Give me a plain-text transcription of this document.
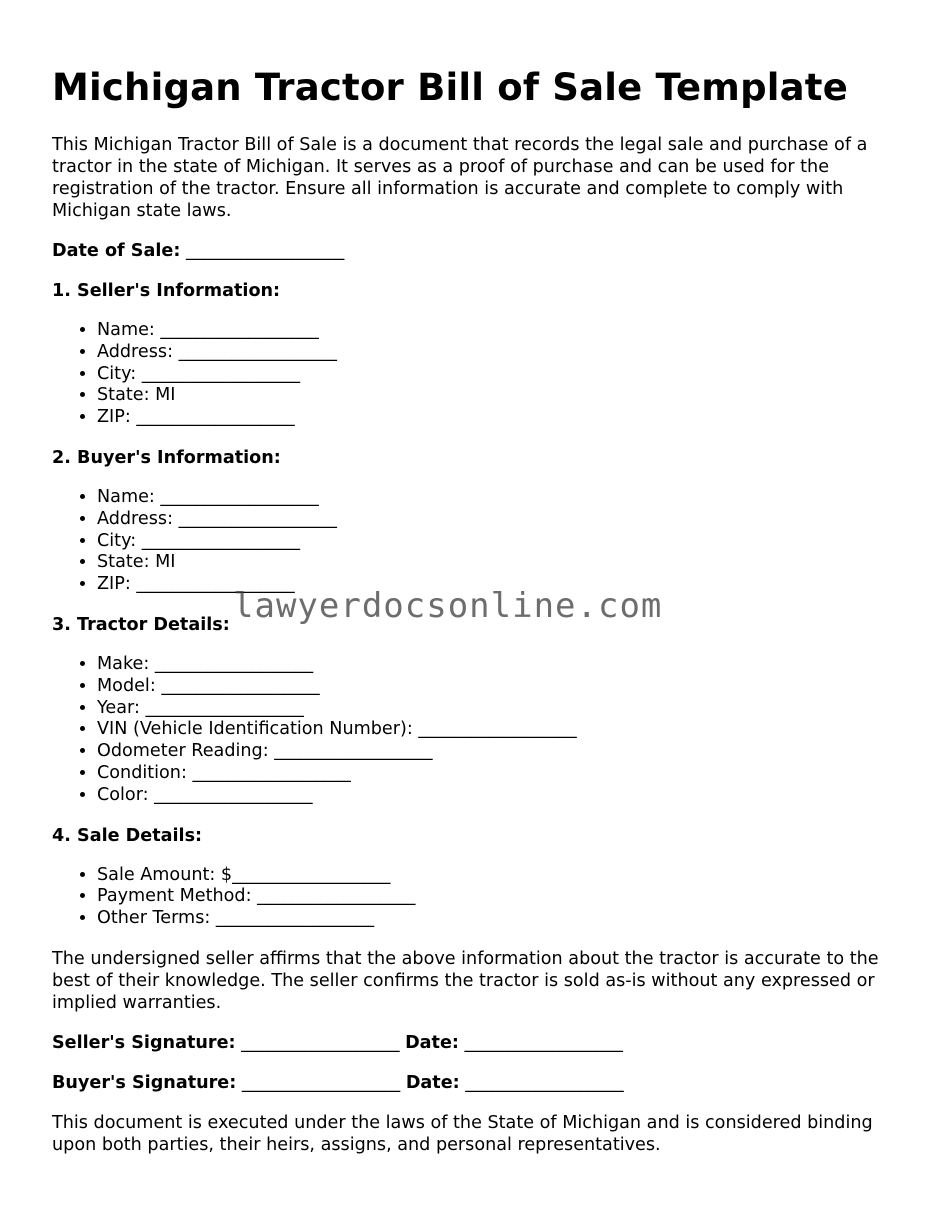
Michigan Tractor Bill of Sale Template

This Michigan Tractor Bill of Sale is a document that records the legal sale and purchase of a tractor in the state of Michigan. It serves as a proof of purchase and can be used for the registration of the tractor. Ensure all information is accurate and complete to comply with Michigan state laws.

Date of Sale: __________________
1. Seller's Information:
• Name: __________________
• Address: __________________
• City: __________________
• State: MI
• ZIP: __________________
2. Buyer's Information:
• Name: __________________
• Address: __________________
• City: __________________
• State: MI
• ZIP: __________________
3. Tractor Details:
• Make: __________________
• Model: __________________
• Year: __________________
• VIN (Vehicle Identification Number): __________________
• Odometer Reading: __________________
• Condition: __________________
• Color: __________________
4. Sale Details:
• Sale Amount: $__________________
• Payment Method: __________________
• Other Terms: __________________

The undersigned seller affirms that the above information about the tractor is accurate to the best of their knowledge. The seller confirms the tractor is sold as-is without any expressed or implied warranties.

Seller's Signature: __________________ Date: __________________
Buyer's Signature: __________________ Date: __________________

This document is executed under the laws of the State of Michigan and is considered binding upon both parties, their heirs, assigns, and personal representatives.

lawyerdocsonline.com
